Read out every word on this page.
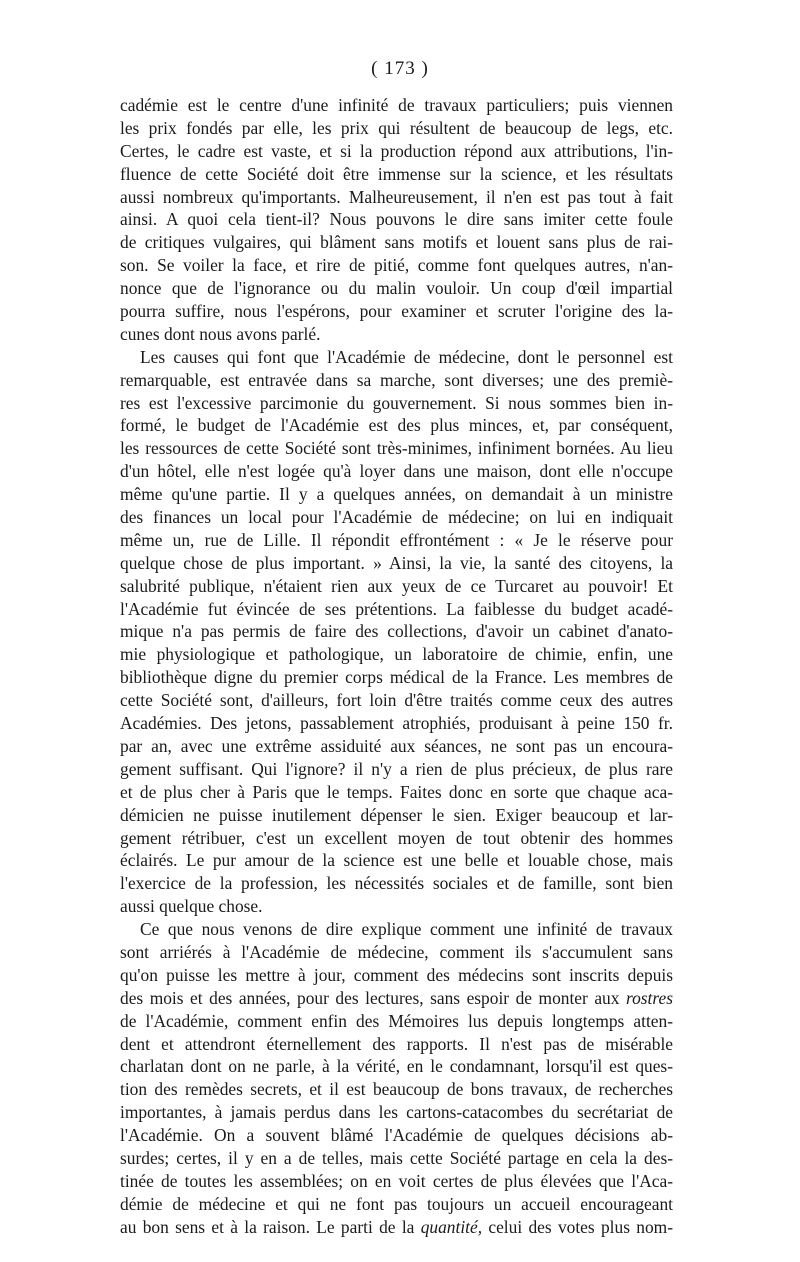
( 173 )
cadémie est le centre d'une infinité de travaux particuliers; puis viennen
les prix fondés par elle, les prix qui résultent de beaucoup de legs, etc.
Certes, le cadre est vaste, et si la production répond aux attributions, l'in-
fluence de cette Société doit être immense sur la science, et les résultats
aussi nombreux qu'importants. Malheureusement, il n'en est pas tout à fait
ainsi. A quoi cela tient-il? Nous pouvons le dire sans imiter cette foule
de critiques vulgaires, qui blâment sans motifs et louent sans plus de rai-
son. Se voiler la face, et rire de pitié, comme font quelques autres, n'an-
nonce que de l'ignorance ou du malin vouloir. Un coup d'œil impartial
pourra suffire, nous l'espérons, pour examiner et scruter l'origine des la-
cunes dont nous avons parlé.
Les causes qui font que l'Académie de médecine, dont le personnel est
remarquable, est entravée dans sa marche, sont diverses; une des premiè-
res est l'excessive parcimonie du gouvernement. Si nous sommes bien in-
formé, le budget de l'Académie est des plus minces, et, par conséquent,
les ressources de cette Société sont très-minimes, infiniment bornées. Au lieu
d'un hôtel, elle n'est logée qu'à loyer dans une maison, dont elle n'occupe
même qu'une partie. Il y a quelques années, on demandait à un ministre
des finances un local pour l'Académie de médecine; on lui en indiquait
même un, rue de Lille. Il répondit effrontément : « Je le réserve pour
quelque chose de plus important. » Ainsi, la vie, la santé des citoyens, la
salubrité publique, n'étaient rien aux yeux de ce Turcaret au pouvoir! Et
l'Académie fut évincée de ses prétentions. La faiblesse du budget acadé-
mique n'a pas permis de faire des collections, d'avoir un cabinet d'anato-
mie physiologique et pathologique, un laboratoire de chimie, enfin, une
bibliothèque digne du premier corps médical de la France. Les membres de
cette Société sont, d'ailleurs, fort loin d'être traités comme ceux des autres
Académies. Des jetons, passablement atrophiés, produisant à peine 150 fr.
par an, avec une extrême assiduité aux séances, ne sont pas un encoura-
gement suffisant. Qui l'ignore? il n'y a rien de plus précieux, de plus rare
et de plus cher à Paris que le temps. Faites donc en sorte que chaque aca-
démicien ne puisse inutilement dépenser le sien. Exiger beaucoup et lar-
gement rétribuer, c'est un excellent moyen de tout obtenir des hommes
éclairés. Le pur amour de la science est une belle et louable chose, mais
l'exercice de la profession, les nécessités sociales et de famille, sont bien
aussi quelque chose.
Ce que nous venons de dire explique comment une infinité de travaux
sont arriérés à l'Académie de médecine, comment ils s'accumulent sans
qu'on puisse les mettre à jour, comment des médecins sont inscrits depuis
des mois et des années, pour des lectures, sans espoir de monter aux rostres
de l'Académie, comment enfin des Mémoires lus depuis longtemps atten-
dent et attendront éternellement des rapports. Il n'est pas de misérable
charlatan dont on ne parle, à la vérité, en le condamnant, lorsqu'il est ques-
tion des remèdes secrets, et il est beaucoup de bons travaux, de recherches
importantes, à jamais perdus dans les cartons-catacombes du secrétariat de
l'Académie. On a souvent blâmé l'Académie de quelques décisions ab-
surdes; certes, il y en a de telles, mais cette Société partage en cela la des-
tinée de toutes les assemblées; on en voit certes de plus élevées que l'Aca-
démie de médecine et qui ne font pas toujours un accueil encourageant
au bon sens et à la raison. Le parti de la quantité, celui des votes plus nom-
